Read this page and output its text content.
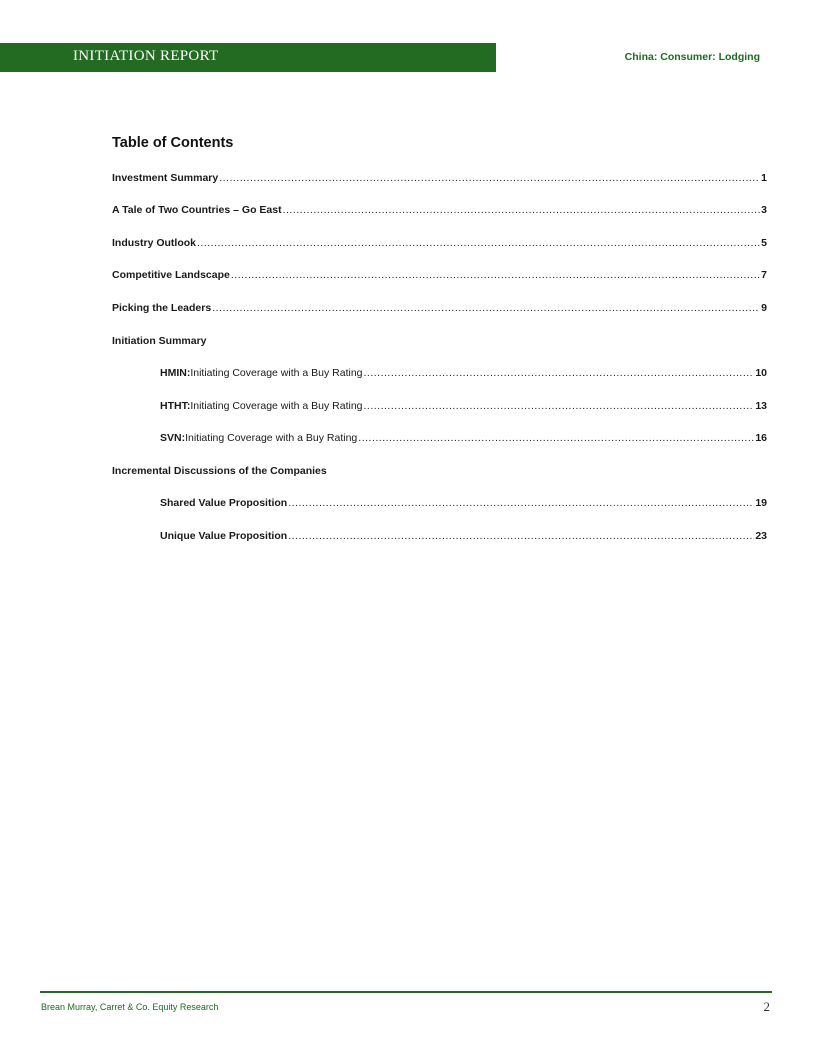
INITIATION REPORT	China: Consumer: Lodging
Table of Contents
Investment Summary .....	1
A Tale of Two Countries – Go East .....	3
Industry Outlook .....	5
Competitive Landscape .....	7
Picking the Leaders .....	9
Initiation Summary
HMIN: Initiating Coverage with a Buy Rating .....	10
HTHT: Initiating Coverage with a Buy Rating .....	13
SVN: Initiating Coverage with a Buy Rating .....	16
Incremental Discussions of the Companies
Shared Value Proposition .....	19
Unique Value Proposition .....	23
Brean Murray, Carret & Co. Equity Research	2
